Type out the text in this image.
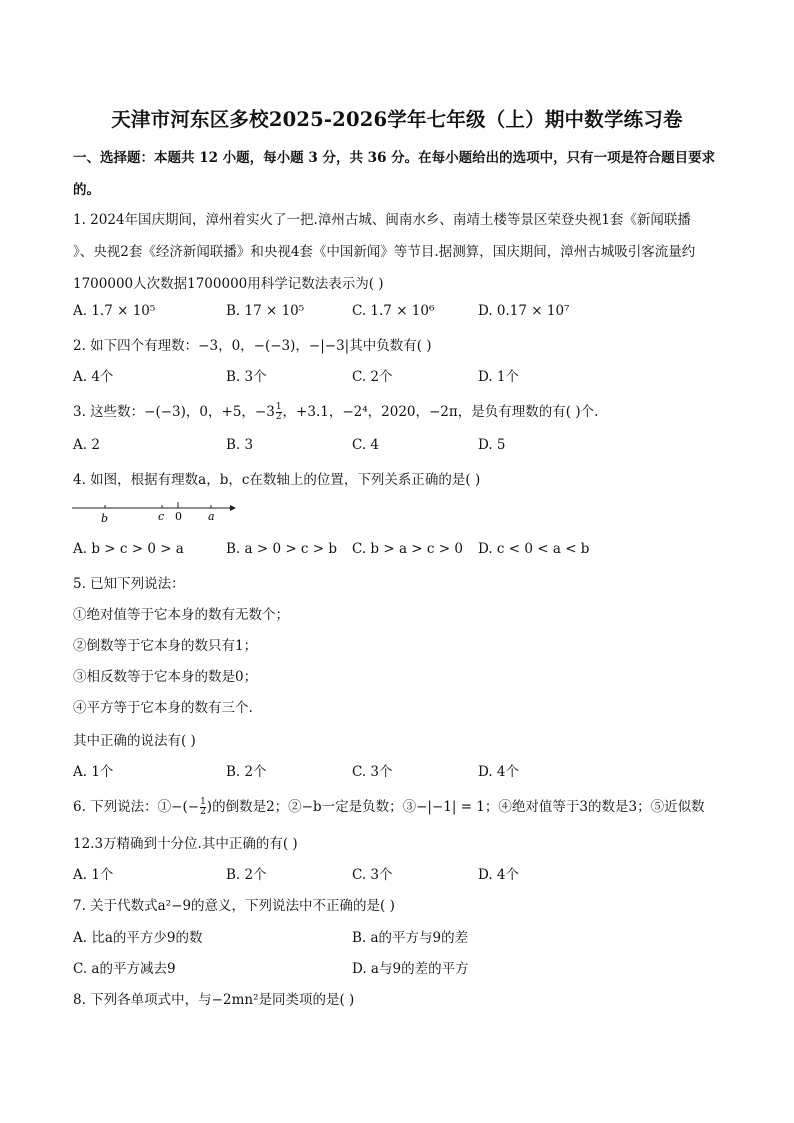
天津市河东区多校2025-2026学年七年级（上）期中数学练习卷
一、选择题：本题共 12 小题，每小题 3 分，共 36 分。在每小题给出的选项中，只有一项是符合题目要求
的。
1. 2024年国庆期间，漳州着实火了一把.漳州古城、闽南水乡、南靖土楼等景区荣登央视1套《新闻联播
》、央视2套《经济新闻联播》和央视4套《中国新闻》等节目.据测算，国庆期间，漳州古城吸引客流量约
1700000人次数据1700000用科学记数法表示为( )
A. 1.7 × 10⁵	B. 17 × 10⁵	C. 1.7 × 10⁶	D. 0.17 × 10⁷
2. 如下四个有理数：−3，0，−(−3)，−|−3|其中负数有( )
A. 4个	B. 3个	C. 2个	D. 1个
3. 这些数：−(−3)，0，+5，$-3 \frac{1}{2}$ ，+3.1，−2⁴，2020，−2π，是负有理数的有( )个.
A. 2	B. 3	C. 4	D. 5
4. 如图，根据有理数a，b，c在数轴上的位置，下列关系正确的是( )
b	c 0 a
A. b > c > 0 > a	B. a > 0 > c > b C. b > a > c > 0 D. c < 0 < a < b
5. 已知下列说法：
①绝对值等于它本身的数有无数个；
②倒数等于它本身的数只有1；
③相反数等于它本身的数是0；
④平方等于它本身的数有三个.
其中正确的说法有( )
A. 1个	B. 2个	C. 3个	D. 4个
6. 下列说法：①−(− $\frac{1}{2}$ )的倒数是2；②−b一定是负数；③−|−1| = 1；④绝对值等于3的数是3；⑤近似数
12.3万精确到十分位.其中正确的有( )
A. 1个	B. 2个	C. 3个	D. 4个
7. 关于代数式a²−9的意义，下列说法中不正确的是( )
A. 比a的平方少9的数	B. a的平方与9的差
C. a的平方减去9	D. a与9的差的平方
8. 下列各单项式中，与−2mn²是同类项的是( )
